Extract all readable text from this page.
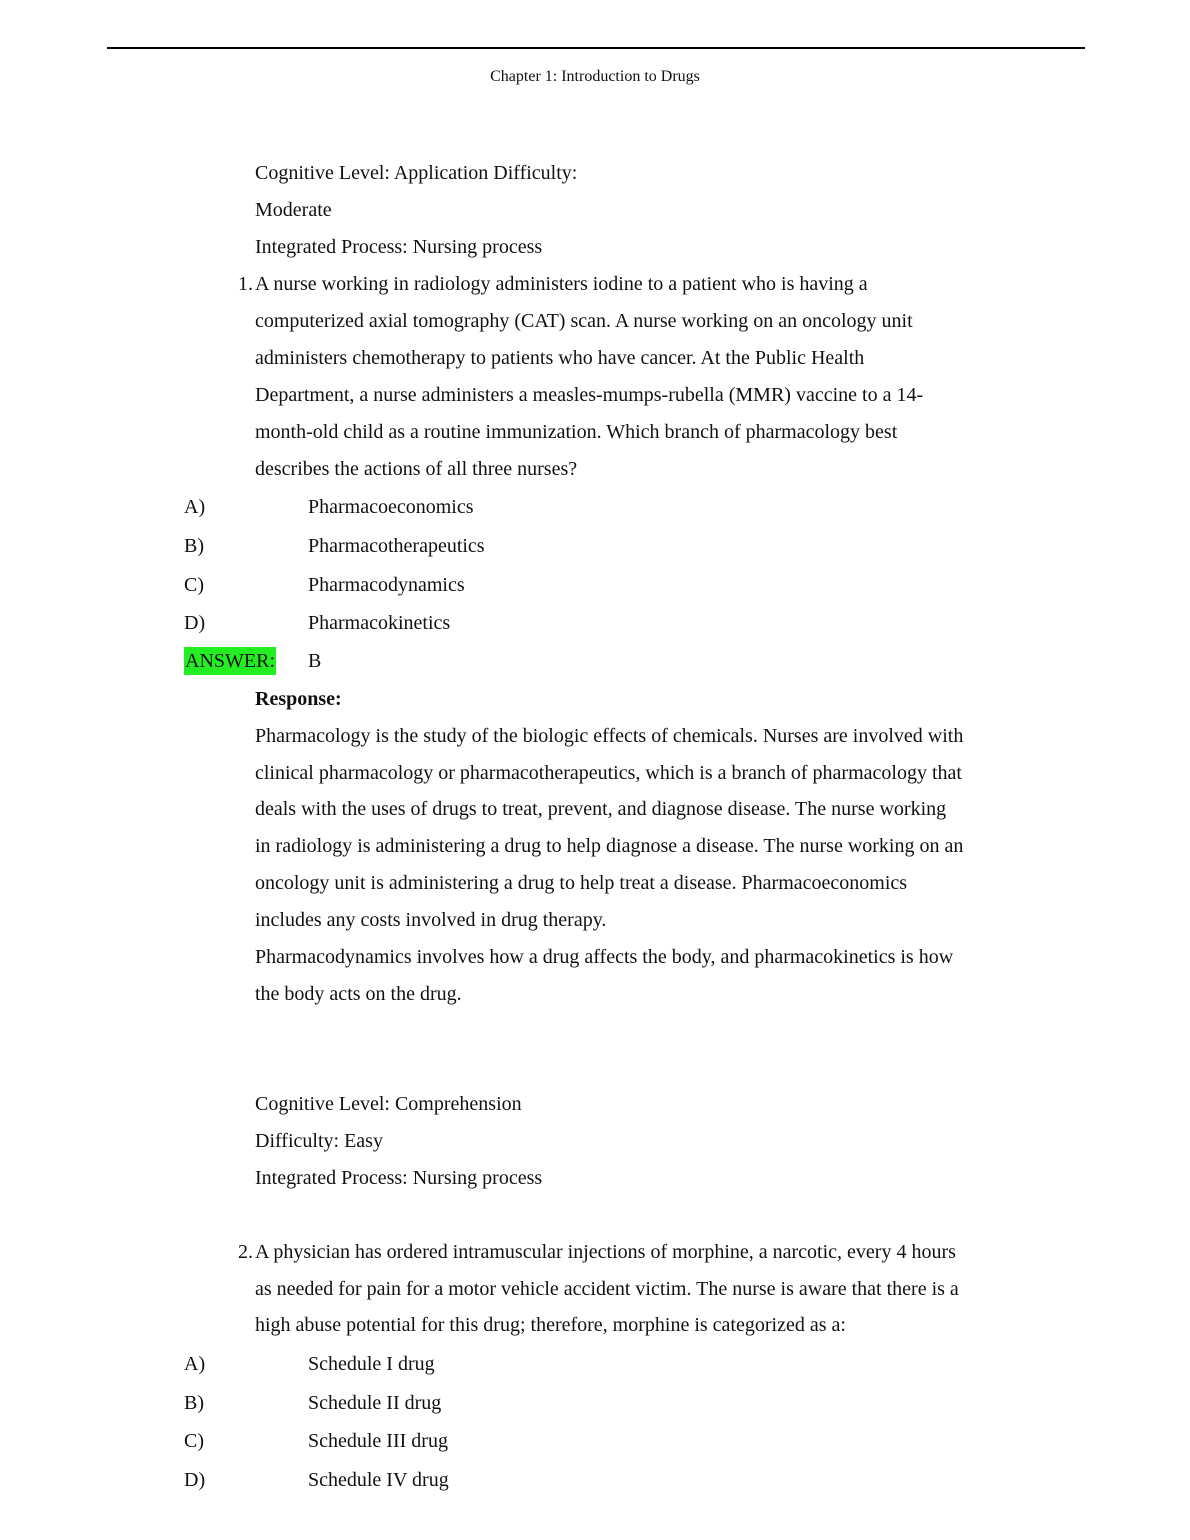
Chapter 1: Introduction to Drugs
Cognitive Level: Application Difficulty:
Moderate
Integrated Process: Nursing process
1. A nurse working in radiology administers iodine to a patient who is having a
computerized axial tomography (CAT) scan. A nurse working on an oncology unit
administers chemotherapy to patients who have cancer. At the Public Health
Department, a nurse administers a measles-mumps-rubella (MMR) vaccine to a 14-
month-old child as a routine immunization. Which branch of pharmacology best
describes the actions of all three nurses?
A)	Pharmacoeconomics
B)	Pharmacotherapeutics
C)	Pharmacodynamics
D)	Pharmacokinetics
ANSWER: B
Response:
Pharmacology is the study of the biologic effects of chemicals. Nurses are involved with
clinical pharmacology or pharmacotherapeutics, which is a branch of pharmacology that
deals with the uses of drugs to treat, prevent, and diagnose disease. The nurse working
in radiology is administering a drug to help diagnose a disease. The nurse working on an
oncology unit is administering a drug to help treat a disease. Pharmacoeconomics
includes any costs involved in drug therapy.
Pharmacodynamics involves how a drug affects the body, and pharmacokinetics is how
the body acts on the drug.
Cognitive Level: Comprehension
Difficulty: Easy
Integrated Process: Nursing process
2. A physician has ordered intramuscular injections of morphine, a narcotic, every 4 hours
as needed for pain for a motor vehicle accident victim. The nurse is aware that there is a
high abuse potential for this drug; therefore, morphine is categorized as a:
A)	Schedule I drug
B)	Schedule II drug
C)	Schedule III drug
D)	Schedule IV drug
